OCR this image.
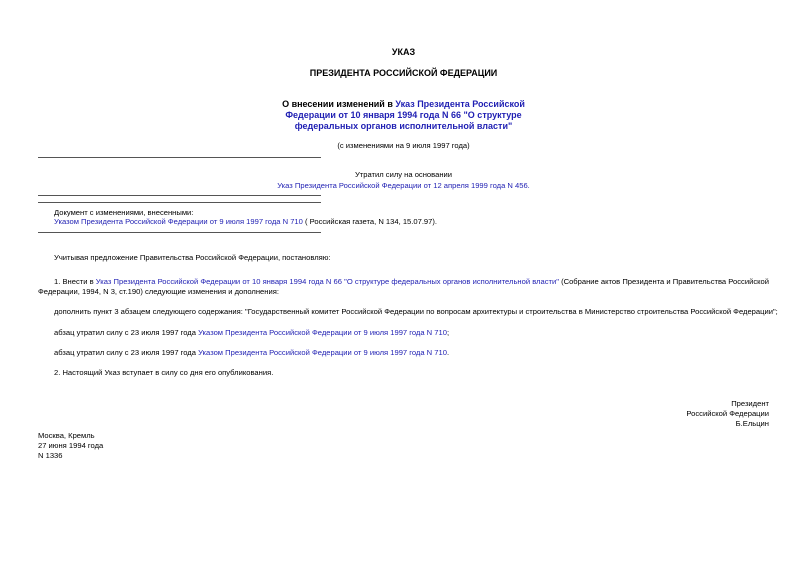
УКАЗ
ПРЕЗИДЕНТА РОССИЙСКОЙ ФЕДЕРАЦИИ
О внесении изменений в Указ Президента Российской
Федерации от 10 января 1994 года N 66 "О структуре
федеральных органов исполнительной власти"
(с изменениями на 9 июля 1997 года)
Утратил силу на основании
Указ Президента Российской Федерации от 12 апреля 1999 года N 456.
Документ с изменениями, внесенными:
Указом Президента Российской Федерации от 9 июля 1997 года N 710 ( Российская газета, N 134, 15.07.97).
Учитывая предложение Правительства Российской Федерации, постановляю:
1. Внести в Указ Президента Российской Федерации от 10 января 1994 года N 66 "О структуре федеральных органов исполнительной власти" (Собрание актов Президента и Правительства Российской Федерации, 1994, N 3, ст.190) следующие изменения и дополнения:
дополнить пункт 3 абзацем следующего содержания: "Государственный комитет Российской Федерации по вопросам архитектуры и строительства в Министерство строительства Российской Федерации";
абзац утратил силу с 23 июля 1997 года Указом Президента Российской Федерации от 9 июля 1997 года N 710;
абзац утратил силу с 23 июля 1997 года Указом Президента Российской Федерации от 9 июля 1997 года N 710.
2. Настоящий Указ вступает в силу со дня его опубликования.
Президент
Российской Федерации
Б.Ельцин
Москва, Кремль
27 июня 1994 года
N 1336
